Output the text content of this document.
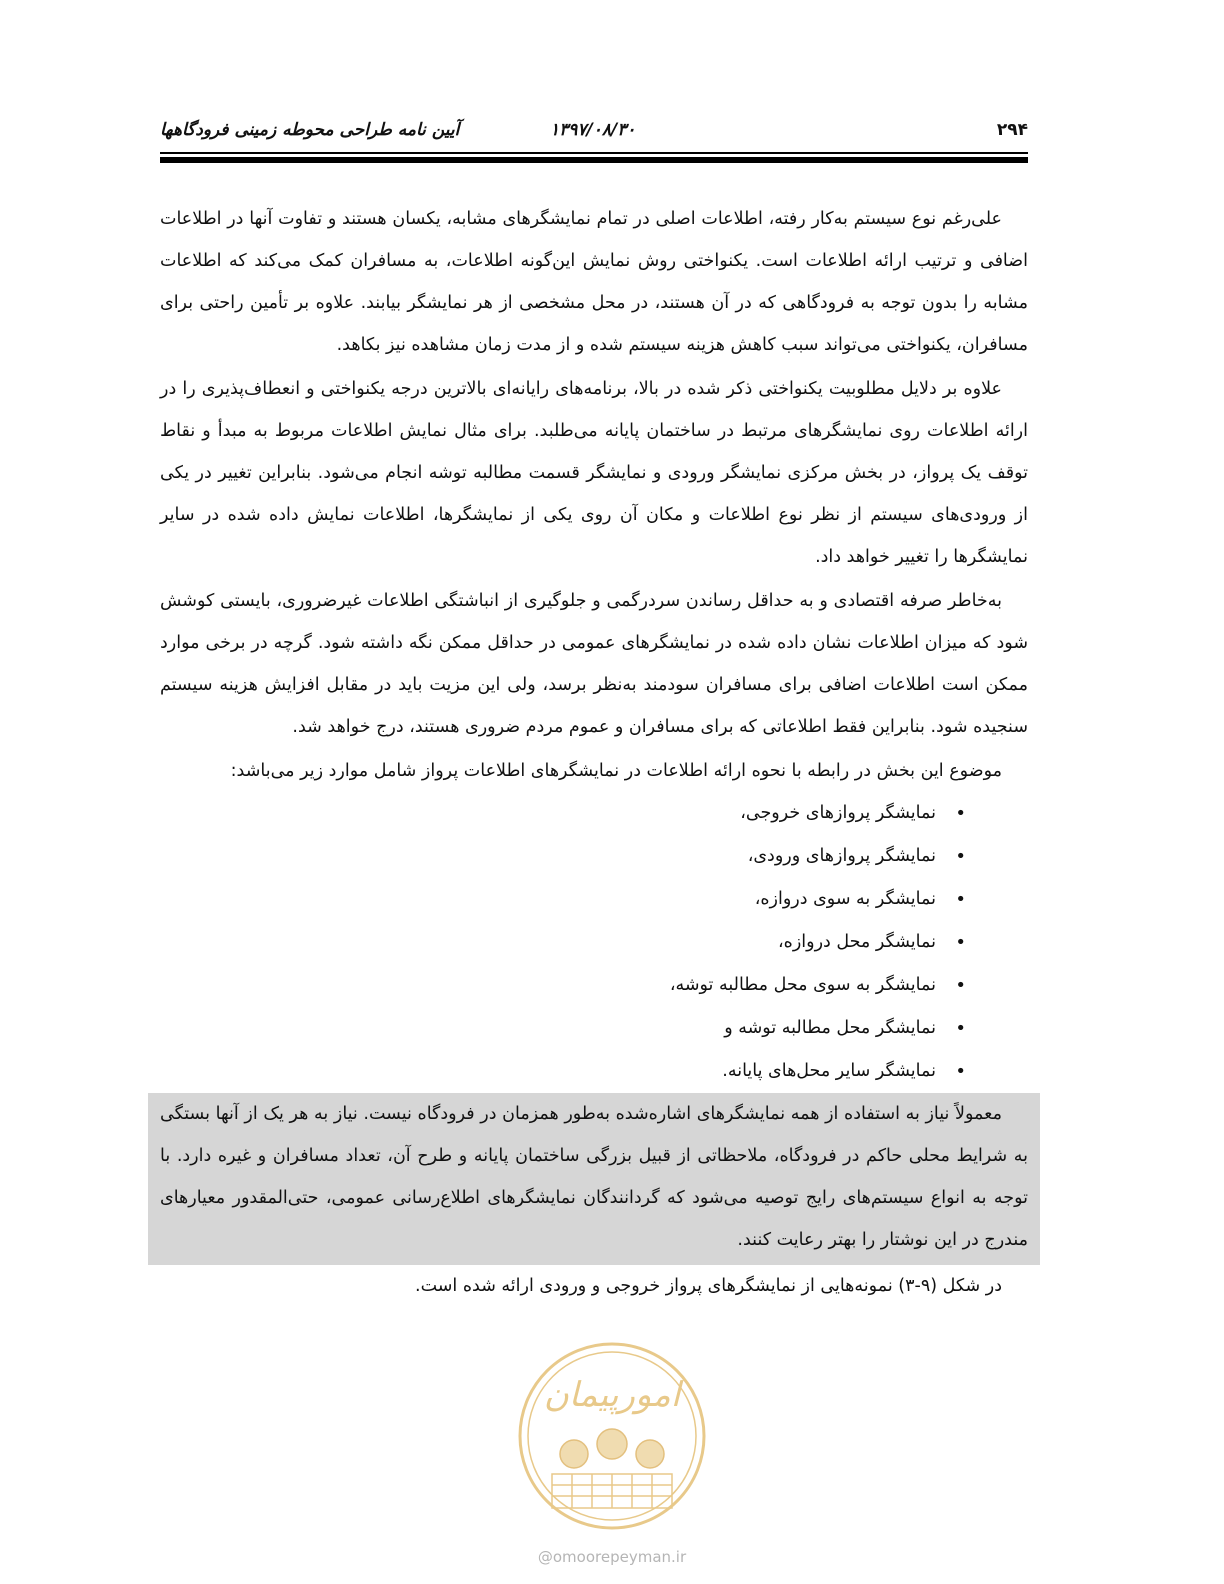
۲۹۴
۱۳۹۷/۰۸/۳۰
آیین نامه طراحی محوطه زمینی فرودگاهها

علی‌رغم نوع سیستم به‌کار رفته، اطلاعات اصلی در تمام نمایشگرهای مشابه، یکسان هستند و تفاوت آنها در اطلاعات اضافی و ترتیب ارائه اطلاعات است. یکنواختی روش نمایش این‌گونه اطلاعات، به مسافران کمک می‌کند که اطلاعات مشابه را بدون توجه به فرودگاهی که در آن هستند، در محل مشخصی از هر نمایشگر بیابند. علاوه بر تأمین راحتی برای مسافران، یکنواختی می‌تواند سبب کاهش هزینه سیستم شده و از مدت زمان مشاهده نیز بکاهد.

علاوه بر دلایل مطلوبیت یکنواختی ذکر شده در بالا، برنامه‌های رایانه‌ای بالاترین درجه یکنواختی و انعطاف‌پذیری را در ارائه اطلاعات روی نمایشگرهای مرتبط در ساختمان پایانه می‌طلبد. برای مثال نمایش اطلاعات مربوط به مبدأ و نقاط توقف یک پرواز، در بخش مرکزی نمایشگر ورودی و نمایشگر قسمت مطالبه توشه انجام می‌شود. بنابراین تغییر در یکی از ورودی‌های سیستم از نظر نوع اطلاعات و مکان آن روی یکی از نمایشگرها، اطلاعات نمایش داده شده در سایر نمایشگرها را تغییر خواهد داد.

به‌خاطر صرفه اقتصادی و به حداقل رساندن سردرگمی و جلوگیری از انباشتگی اطلاعات غیرضروری، بایستی کوشش شود که میزان اطلاعات نشان داده شده در نمایشگرهای عمومی در حداقل ممکن نگه داشته شود. گرچه در برخی موارد ممکن است اطلاعات اضافی برای مسافران سودمند به‌نظر برسد، ولی این مزیت باید در مقابل افزایش هزینه سیستم سنجیده شود. بنابراین فقط اطلاعاتی که برای مسافران و عموم مردم ضروری هستند، درج خواهد شد.

موضوع این بخش در رابطه با نحوه ارائه اطلاعات در نمایشگرهای اطلاعات پرواز شامل موارد زیر می‌باشد:

• نمایشگر پروازهای خروجی،
• نمایشگر پروازهای ورودی،
• نمایشگر به سوی دروازه،
• نمایشگر محل دروازه،
• نمایشگر به سوی محل مطالبه توشه،
• نمایشگر محل مطالبه توشه و
• نمایشگر سایر محل‌های پایانه.

معمولاً نیاز به استفاده از همه نمایشگرهای اشاره‌شده به‌طور همزمان در فرودگاه نیست. نیاز به هر یک از آنها بستگی به شرایط محلی حاکم در فرودگاه، ملاحظاتی از قبیل بزرگی ساختمان پایانه و طرح آن، تعداد مسافران و غیره دارد. با توجه به انواع سیستم‌های رایج توصیه می‌شود که گردانندگان نمایشگرهای اطلاع‌رسانی عمومی، حتی‌المقدور معیارهای مندرج در این نوشتار را بهتر رعایت کنند.

در شکل (۹-۳) نمونه‌هایی از نمایشگرهای پرواز خروجی و ورودی ارائه شده است.

امورپیمان
@omoorepeyman.ir
